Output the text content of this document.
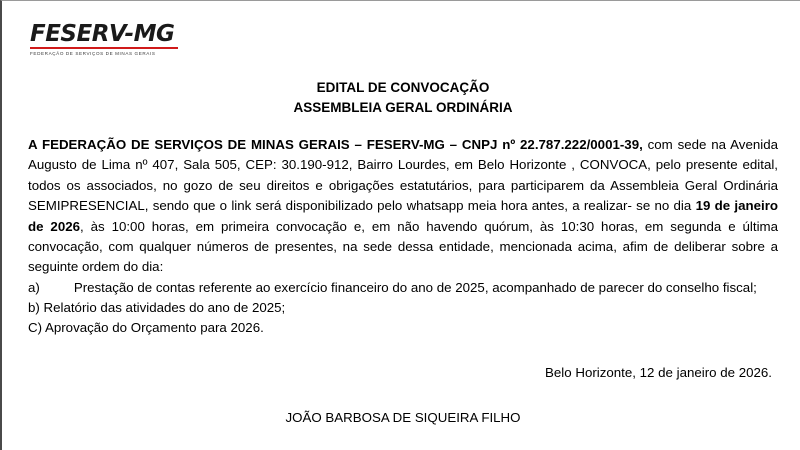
FESERV-MG
FEDERAÇÃO DE SERVIÇOS DE MINAS GERAIS
EDITAL DE CONVOCAÇÃO
ASSEMBLEIA GERAL ORDINÁRIA

A FEDERAÇÃO DE SERVIÇOS DE MINAS GERAIS – FESERV-MG – CNPJ nº 22.787.222/0001-39, com sede na Avenida Augusto de Lima nº 407, Sala 505, CEP: 30.190-912, Bairro Lourdes, em Belo Horizonte , CONVOCA, pelo presente edital, todos os associados, no gozo de seu direitos e obrigações estatutários, para participarem da Assembleia Geral Ordinária SEMIPRESENCIAL, sendo que o link será disponibilizado pelo whatsapp meia hora antes, a realizar- se no dia 19 de janeiro de 2026, às 10:00 horas, em primeira convocação e, em não havendo quórum, às 10:30 horas, em segunda e última convocação, com qualquer números de presentes, na sede dessa entidade, mencionada acima, afim de deliberar sobre a seguinte ordem do dia:

a)	Prestação de contas referente ao exercício financeiro do ano de 2025, acompanhado de parecer do conselho fiscal;
b) Relatório das atividades do ano de 2025;
C) Aprovação do Orçamento para 2026.
Belo Horizonte, 12 de janeiro de 2026.
JOÃO BARBOSA DE SIQUEIRA FILHO
